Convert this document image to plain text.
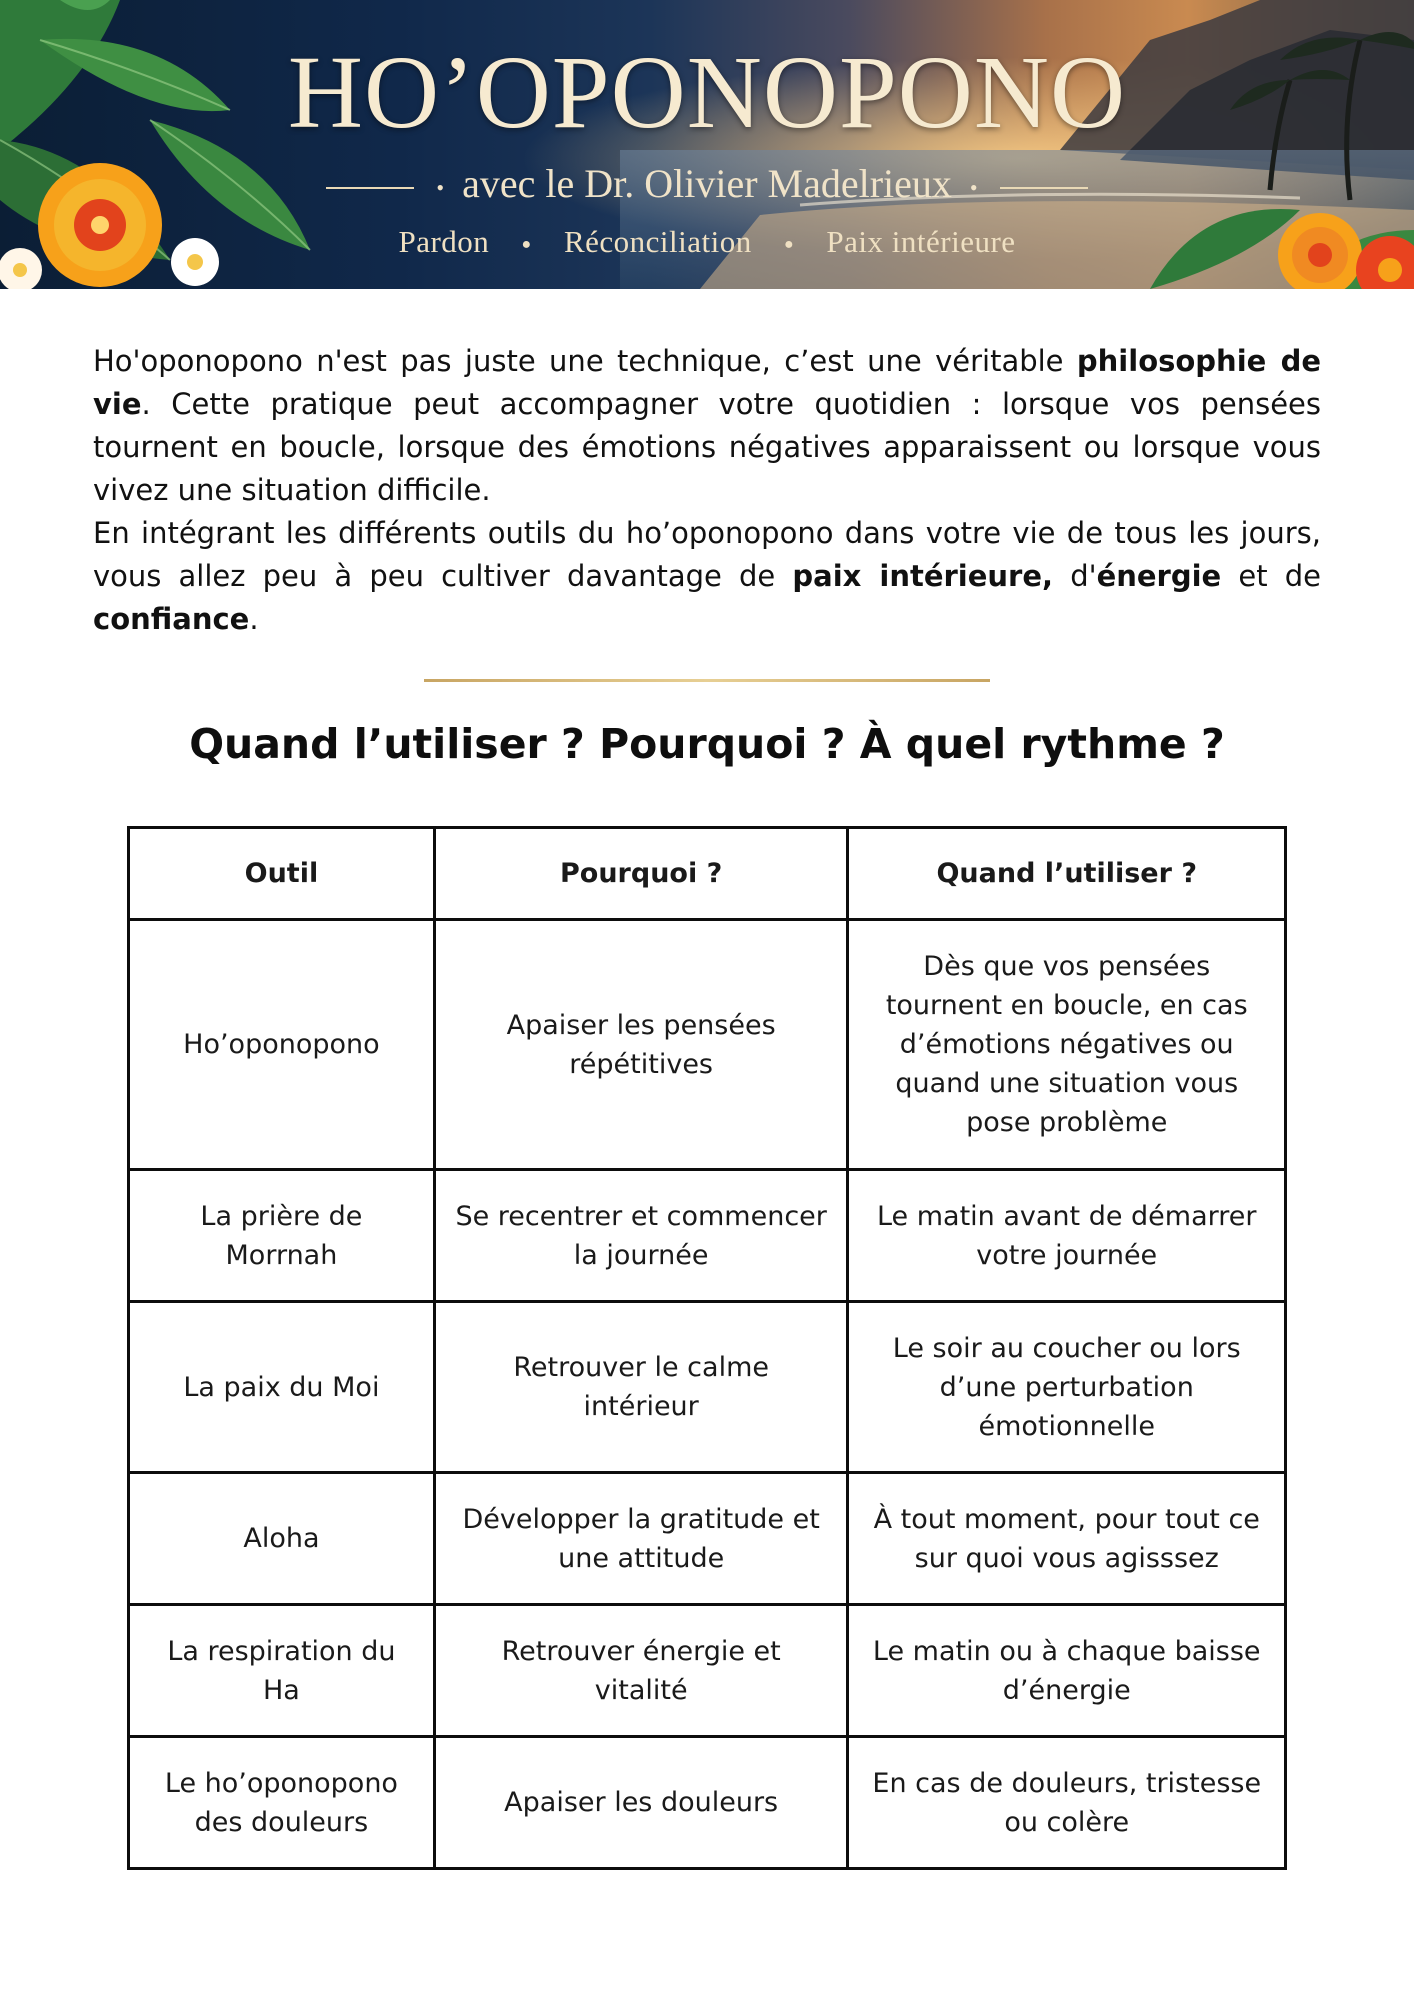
HO’OPONOPONO
• avec le Dr. Olivier Madelrieux •
Pardon ● Réconciliation ● Paix intérieure

Ho'oponopono n'est pas juste une technique, c’est une véritable philosophie de vie. Cette pratique peut accompagner votre quotidien : lorsque vos pensées tournent en boucle, lorsque des émotions négatives apparaissent ou lorsque vous vivez une situation difficile.

En intégrant les différents outils du ho’oponopono dans votre vie de tous les jours, vous allez peu à peu cultiver davantage de paix intérieure, d'énergie et de confiance.

Quand l’utiliser ? Pourquoi ? À quel rythme ?
Outil	Pourquoi ?	Quand l’utiliser ?
Ho’oponopono	Apaiser les pensées répétitives	Dès que vos pensées tournent en boucle, en cas d’émotions négatives ou quand une situation vous pose problème
La prière de Morrnah	Se recentrer et commencer la journée	Le matin avant de démarrer votre journée
La paix du Moi	Retrouver le calme intérieur	Le soir au coucher ou lors d’une perturbation émotionnelle
Aloha	Développer la gratitude et une attitude	À tout moment, pour tout ce sur quoi vous agisssez
La respiration du Ha	Retrouver énergie et vitalité	Le matin ou à chaque baisse d’énergie
Le ho’oponopono des douleurs	Apaiser les douleurs	En cas de douleurs, tristesse ou colère
